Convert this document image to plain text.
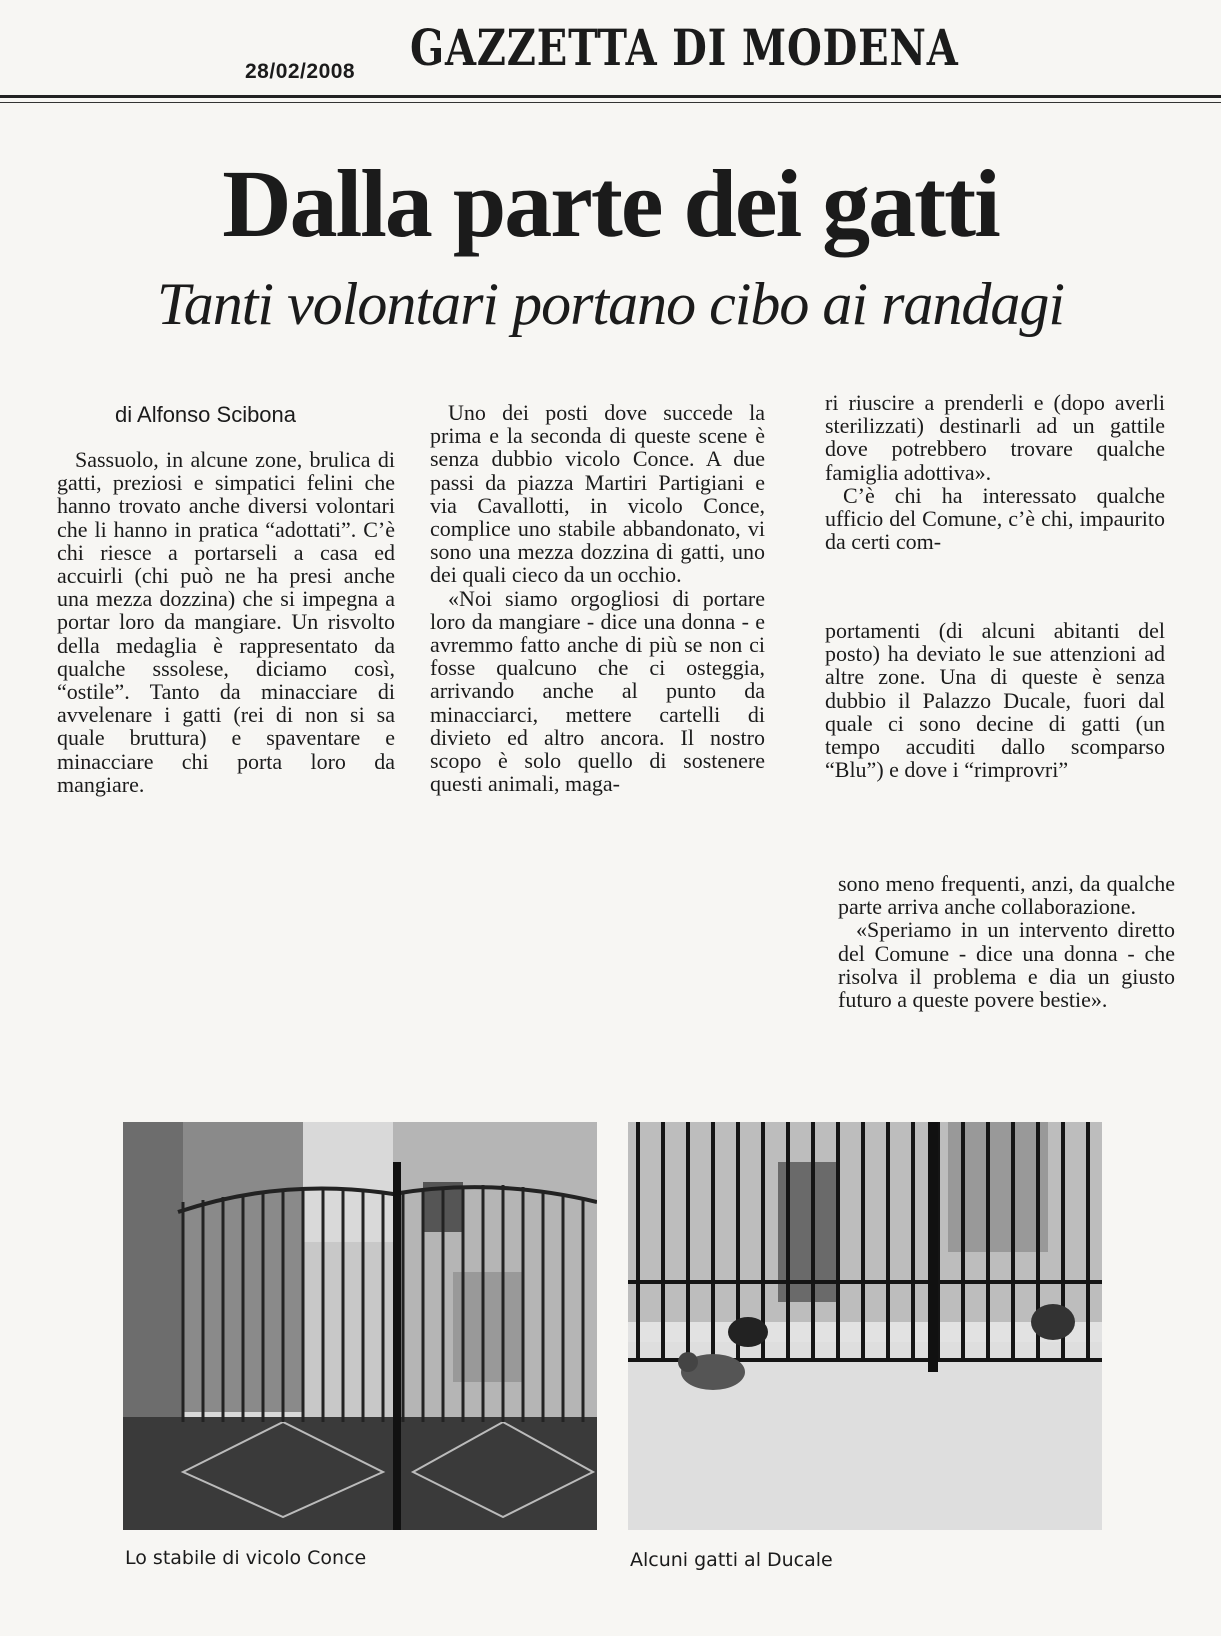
28/02/2008 GAZZETTA DI MODENA
Dalla parte dei gatti
Tanti volontari portano cibo ai randagi
di Alfonso Scibona

Sassuolo, in alcune zone, brulica di gatti, preziosi e simpatici felini che hanno trovato anche diversi volontari che li hanno in pratica “adottati”. C’è chi riesce a portarseli a casa ed accuirli (chi può ne ha presi anche una mezza dozzina) che si impegna a portar loro da mangiare. Un risvolto della medaglia è rappresentato da qualche sssolese, diciamo così, “ostile”. Tanto da minacciare di avvelenare i gatti (rei di non si sa quale bruttura) e spaventare e minacciare chi porta loro da mangiare.

Uno dei posti dove succede la prima e la seconda di queste scene è senza dubbio vicolo Conce. A due passi da piazza Martiri Partigiani e via Cavallotti, in vicolo Conce, complice uno stabile abbandonato, vi sono una mezza dozzina di gatti, uno dei quali cieco da un occhio.

«Noi siamo orgogliosi di portare loro da mangiare - dice una donna - e avremmo fatto anche di più se non ci fosse qualcuno che ci osteggia, arrivando anche al punto da minacciarci, mettere cartelli di divieto ed altro ancora. Il nostro scopo è solo quello di sostenere questi animali, maga-

ri riuscire a prenderli e (dopo averli sterilizzati) destinarli ad un gattile dove potrebbero trovare qualche famiglia adottiva».

C’è chi ha interessato qualche ufficio del Comune, c’è chi, impaurito da certi com-

portamenti (di alcuni abitanti del posto) ha deviato le sue attenzioni ad altre zone. Una di queste è senza dubbio il Palazzo Ducale, fuori dal quale ci sono decine di gatti (un tempo accuditi dallo scomparso “Blu”) e dove i “rimprovri”

sono meno frequenti, anzi, da qualche parte arriva anche collaborazione.

«Speriamo in un intervento diretto del Comune - dice una donna - che risolva il problema e dia un giusto futuro a queste povere bestie».

Lo stabile di vicolo Conce	Alcuni gatti al Ducale
